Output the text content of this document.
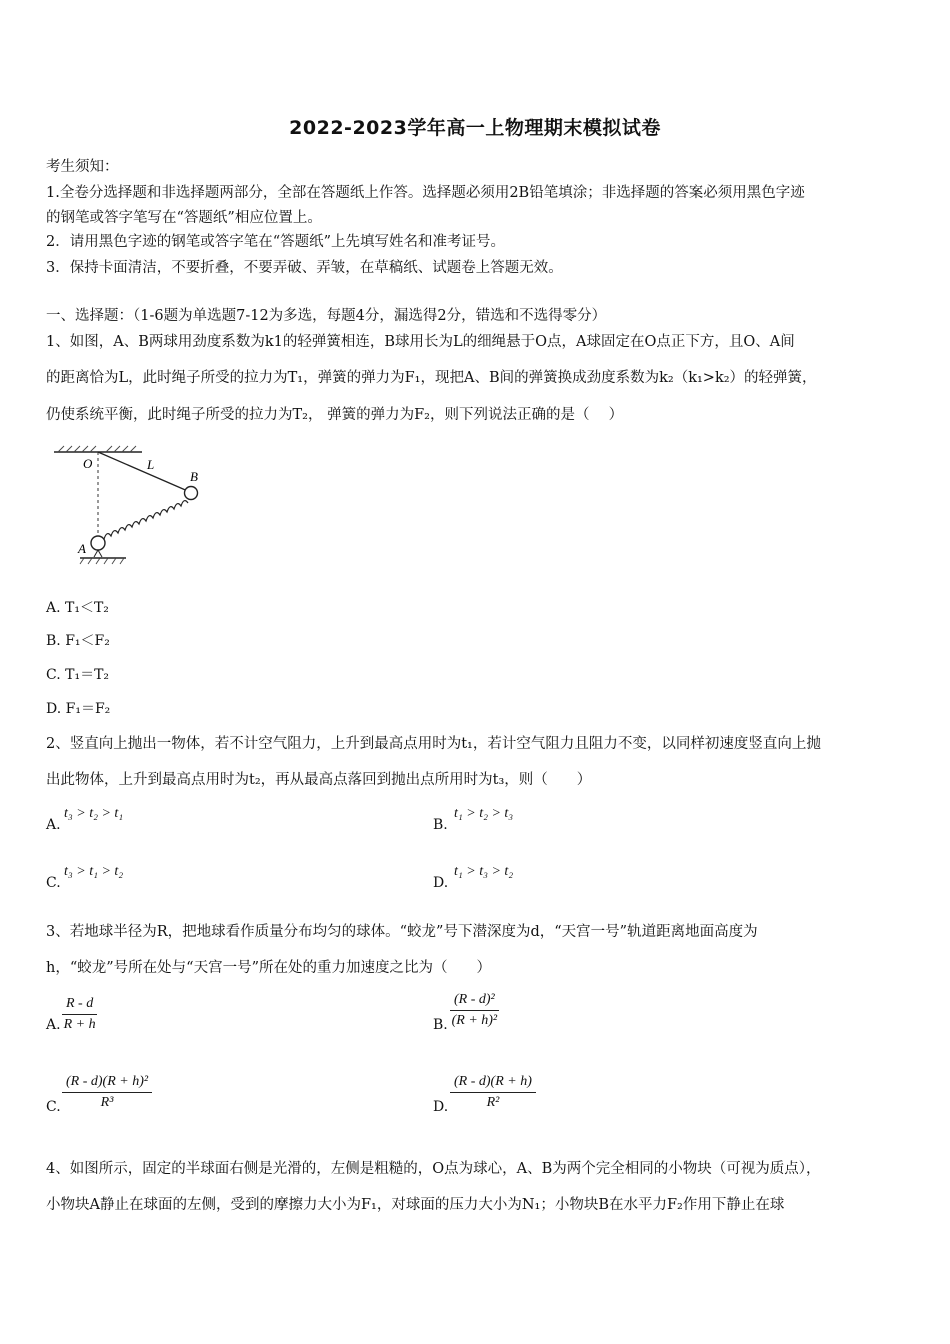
2022-2023学年高一上物理期末模拟试卷
考生须知：
1.全卷分选择题和非选择题两部分，全部在答题纸上作答。选择题必须用2B铅笔填涂；非选择题的答案必须用黑色字迹
的钢笔或答字笔写在“答题纸”相应位置上。
2．请用黑色字迹的钢笔或答字笔在“答题纸”上先填写姓名和准考证号。
3．保持卡面清洁，不要折叠，不要弄破、弄皱，在草稿纸、试题卷上答题无效。
一、选择题：（1-6题为单选题7-12为多选，每题4分，漏选得2分，错选和不选得零分）
1、如图，A、B两球用劲度系数为k1的轻弹簧相连，B球用长为L的细绳悬于O点，A球固定在O点正下方，且O、A间
的距离恰为L，此时绳子所受的拉力为T₁，弹簧的弹力为F₁，现把A、B间的弹簧换成劲度系数为k₂（k₁>k₂）的轻弹簧，
仍使系统平衡，此时绳子所受的拉力为T₂， 弹簧的弹力为F₂，则下列说法正确的是（　 ）
O	L
B
A
A. T₁＜T₂
B. F₁＜F₂
C. T₁＝T₂
D. F₁＝F₂
2、竖直向上抛出一物体，若不计空气阻力，上升到最高点用时为t₁，若计空气阻力且阻力不变，以同样初速度竖直向上抛
出此物体，上升到最高点用时为t₂，再从最高点落回到抛出点所用时为t₃，则（　　）
A.
t₃ > t₂ > t₁
B.
t₁ > t₂ > t₃
C.
t₃ > t₁ > t₂
D.
t₁ > t₃ > t₂
3、若地球半径为R，把地球看作质量分布均匀的球体。“蛟龙”号下潜深度为d，“天宫一号”轨道距离地面高度为
h，“蛟龙”号所在处与“天宫一号”所在处的重力加速度之比为（　　）
A. $\frac{R - d}{R + h}$	B. $\frac{\text{(R - d)²}}{\text{(R + h)²}}$
C. $\frac{\text{(R - d)(R + h)²}}{\text{R³}}$	D. $\frac{(R - d)(R + h)}{\text{R²}}$
4、如图所示，固定的半球面右侧是光滑的，左侧是粗糙的，O点为球心，A、B为两个完全相同的小物块（可视为质点），
小物块A静止在球面的左侧，受到的摩擦力大小为F₁，对球面的压力大小为N₁；小物块B在水平力F₂作用下静止在球
